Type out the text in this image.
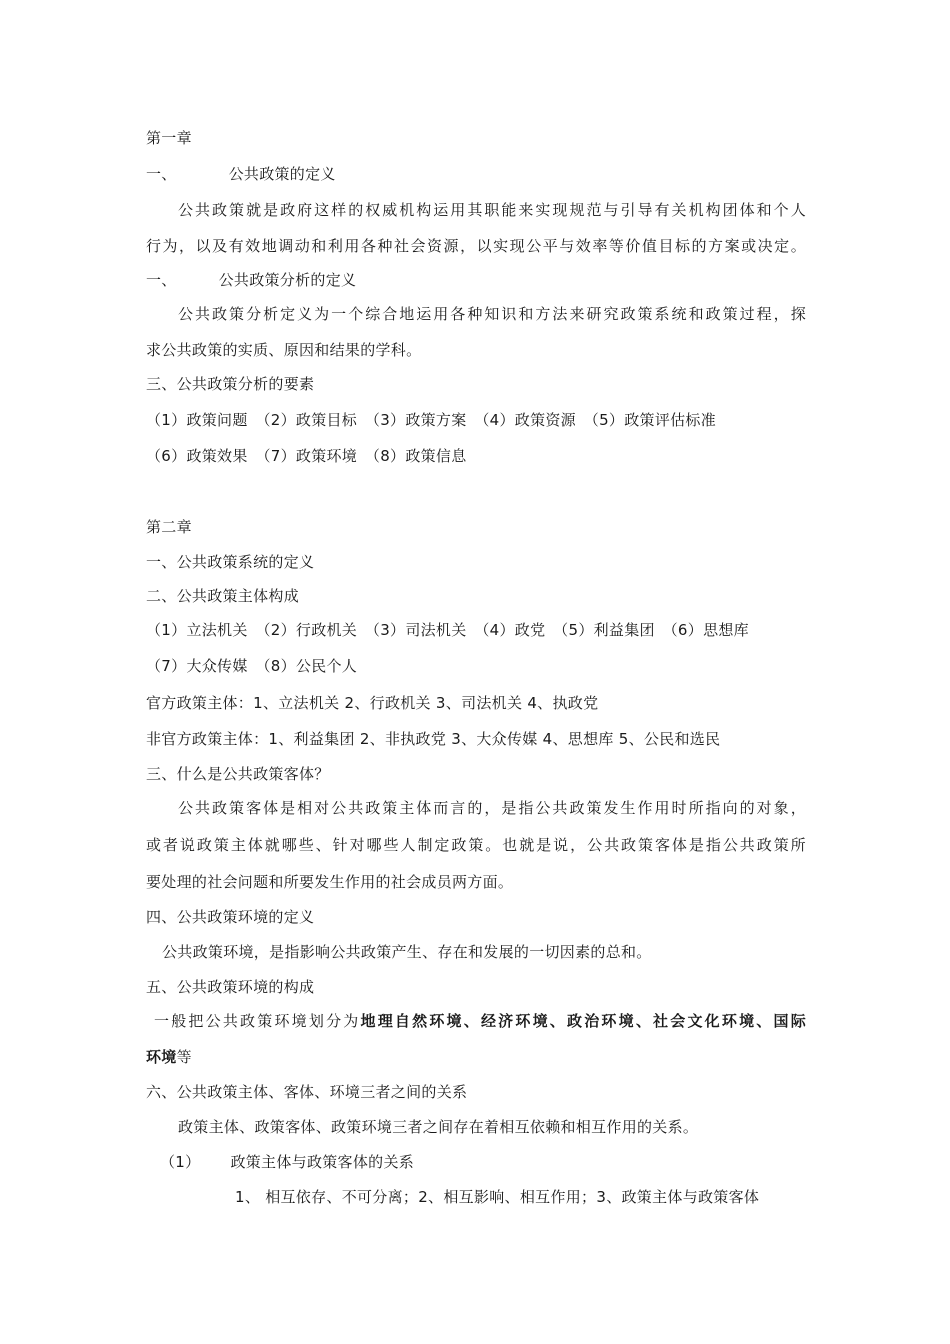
第一章
一、	公共政策的定义
公共政策就是政府这样的权威机构运用其职能来实现规范与引导有关机构团体和个人
行为，以及有效地调动和利用各种社会资源，以实现公平与效率等价值目标的方案或决定。
一、	公共政策分析的定义
公共政策分析定义为一个综合地运用各种知识和方法来研究政策系统和政策过程，探
求公共政策的实质、原因和结果的学科。
三、公共政策分析的要素
（1）政策问题　（2）政策目标　（3）政策方案　（4）政策资源　（5）政策评估标准
（6）政策效果　（7）政策环境　（8）政策信息
第二章
一、公共政策系统的定义
二、公共政策主体构成
（1）立法机关　（2）行政机关　（3）司法机关　（4）政党　（5）利益集团　（6）思想库
（7）大众传媒　（8）公民个人
官方政策主体：1、立法机关 2、行政机关 3、司法机关 4、执政党
非官方政策主体：1、利益集团 2、非执政党 3、大众传媒 4、思想库 5、公民和选民
三、什么是公共政策客体？
公共政策客体是相对公共政策主体而言的，是指公共政策发生作用时所指向的对象，
或者说政策主体就哪些、针对哪些人制定政策。也就是说，公共政策客体是指公共政策所
要处理的社会问题和所要发生作用的社会成员两方面。
四、公共政策环境的定义
公共政策环境，是指影响公共政策产生、存在和发展的一切因素的总和。
五、公共政策环境的构成
一般把公共政策环境划分为地理自然环境、经济环境、政治环境、社会文化环境、国际
环境等
六、公共政策主体、客体、环境三者之间的关系
政策主体、政策客体、政策环境三者之间存在着相互依赖和相互作用的关系。
（1） 政策主体与政策客体的关系
1、 相互依存、不可分离；2、相互影响、相互作用；3、政策主体与政策客体
